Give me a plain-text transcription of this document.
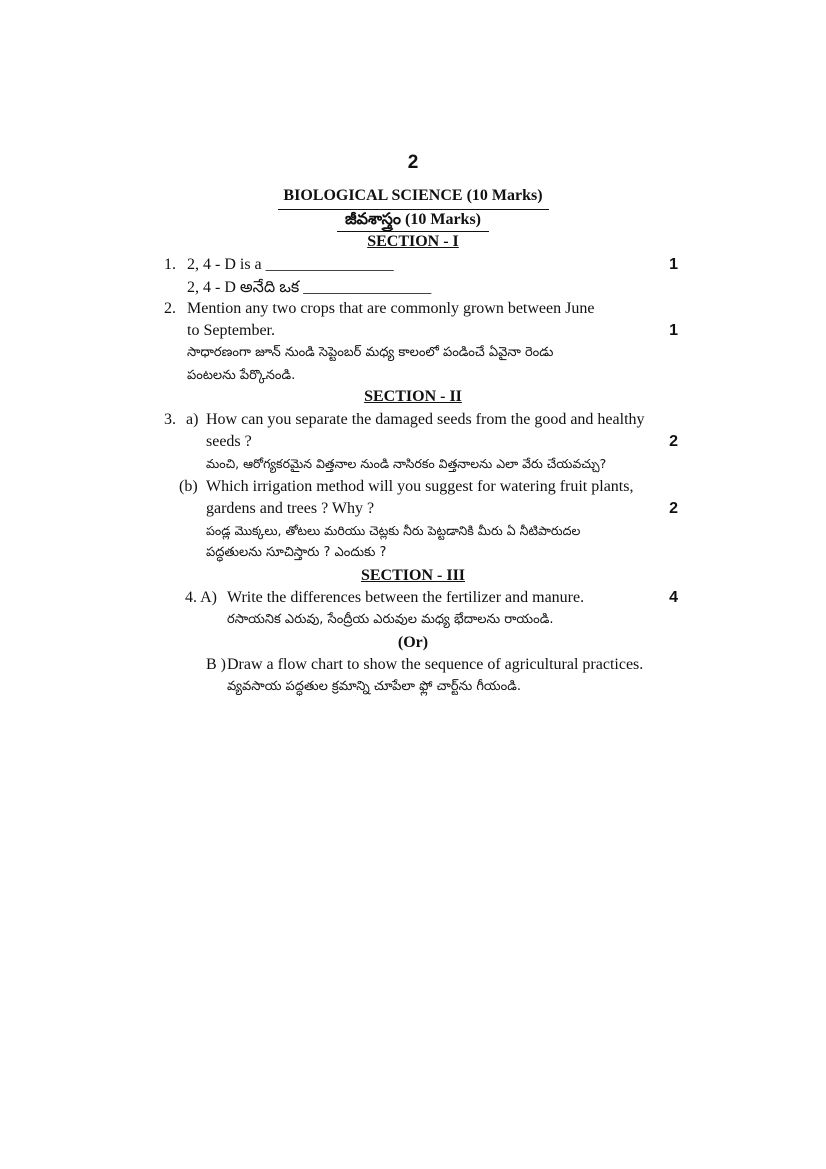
2
BIOLOGICAL SCIENCE (10 Marks)
జీవశాస్త్రం (10 Marks)
SECTION - I
1. 2, 4 - D is a ________________	1
2, 4 - D అనేది ఒక ________________
2. Mention any two crops that are commonly grown between June
to September.	1
సాధారణంగా జూన్ నుండి సెప్టెంబర్ మధ్య కాలంలో పండించే ఏవైనా రెండు
పంటలను పేర్కొనండి.
SECTION - II
3. a) How can you separate the damaged seeds from the good and healthy
seeds ?	2
మంచి, ఆరోగ్యకరమైన విత్తనాల నుండి నాసిరకం విత్తనాలను ఎలా వేరు చేయవచ్చు?
(b) Which irrigation method will you suggest for watering fruit plants,
gardens and trees ? Why ?	2
పండ్ల మొక్కలు, తోటలు మరియు చెట్లకు నీరు పెట్టడానికి మీరు ఏ నీటిపారుదల
పద్ధతులను సూచిస్తారు ? ఎందుకు ?
SECTION - III
4. A) Write the differences between the fertilizer and manure.	4
రసాయనిక ఎరువు, సేంద్రీయ ఎరువుల మధ్య భేదాలను రాయండి.
(Or)
B ) Draw a flow chart to show the sequence of agricultural practices.
వ్యవసాయ పద్ధతుల క్రమాన్ని చూపేలా ఫ్లో చార్ట్‌ను గీయండి.
